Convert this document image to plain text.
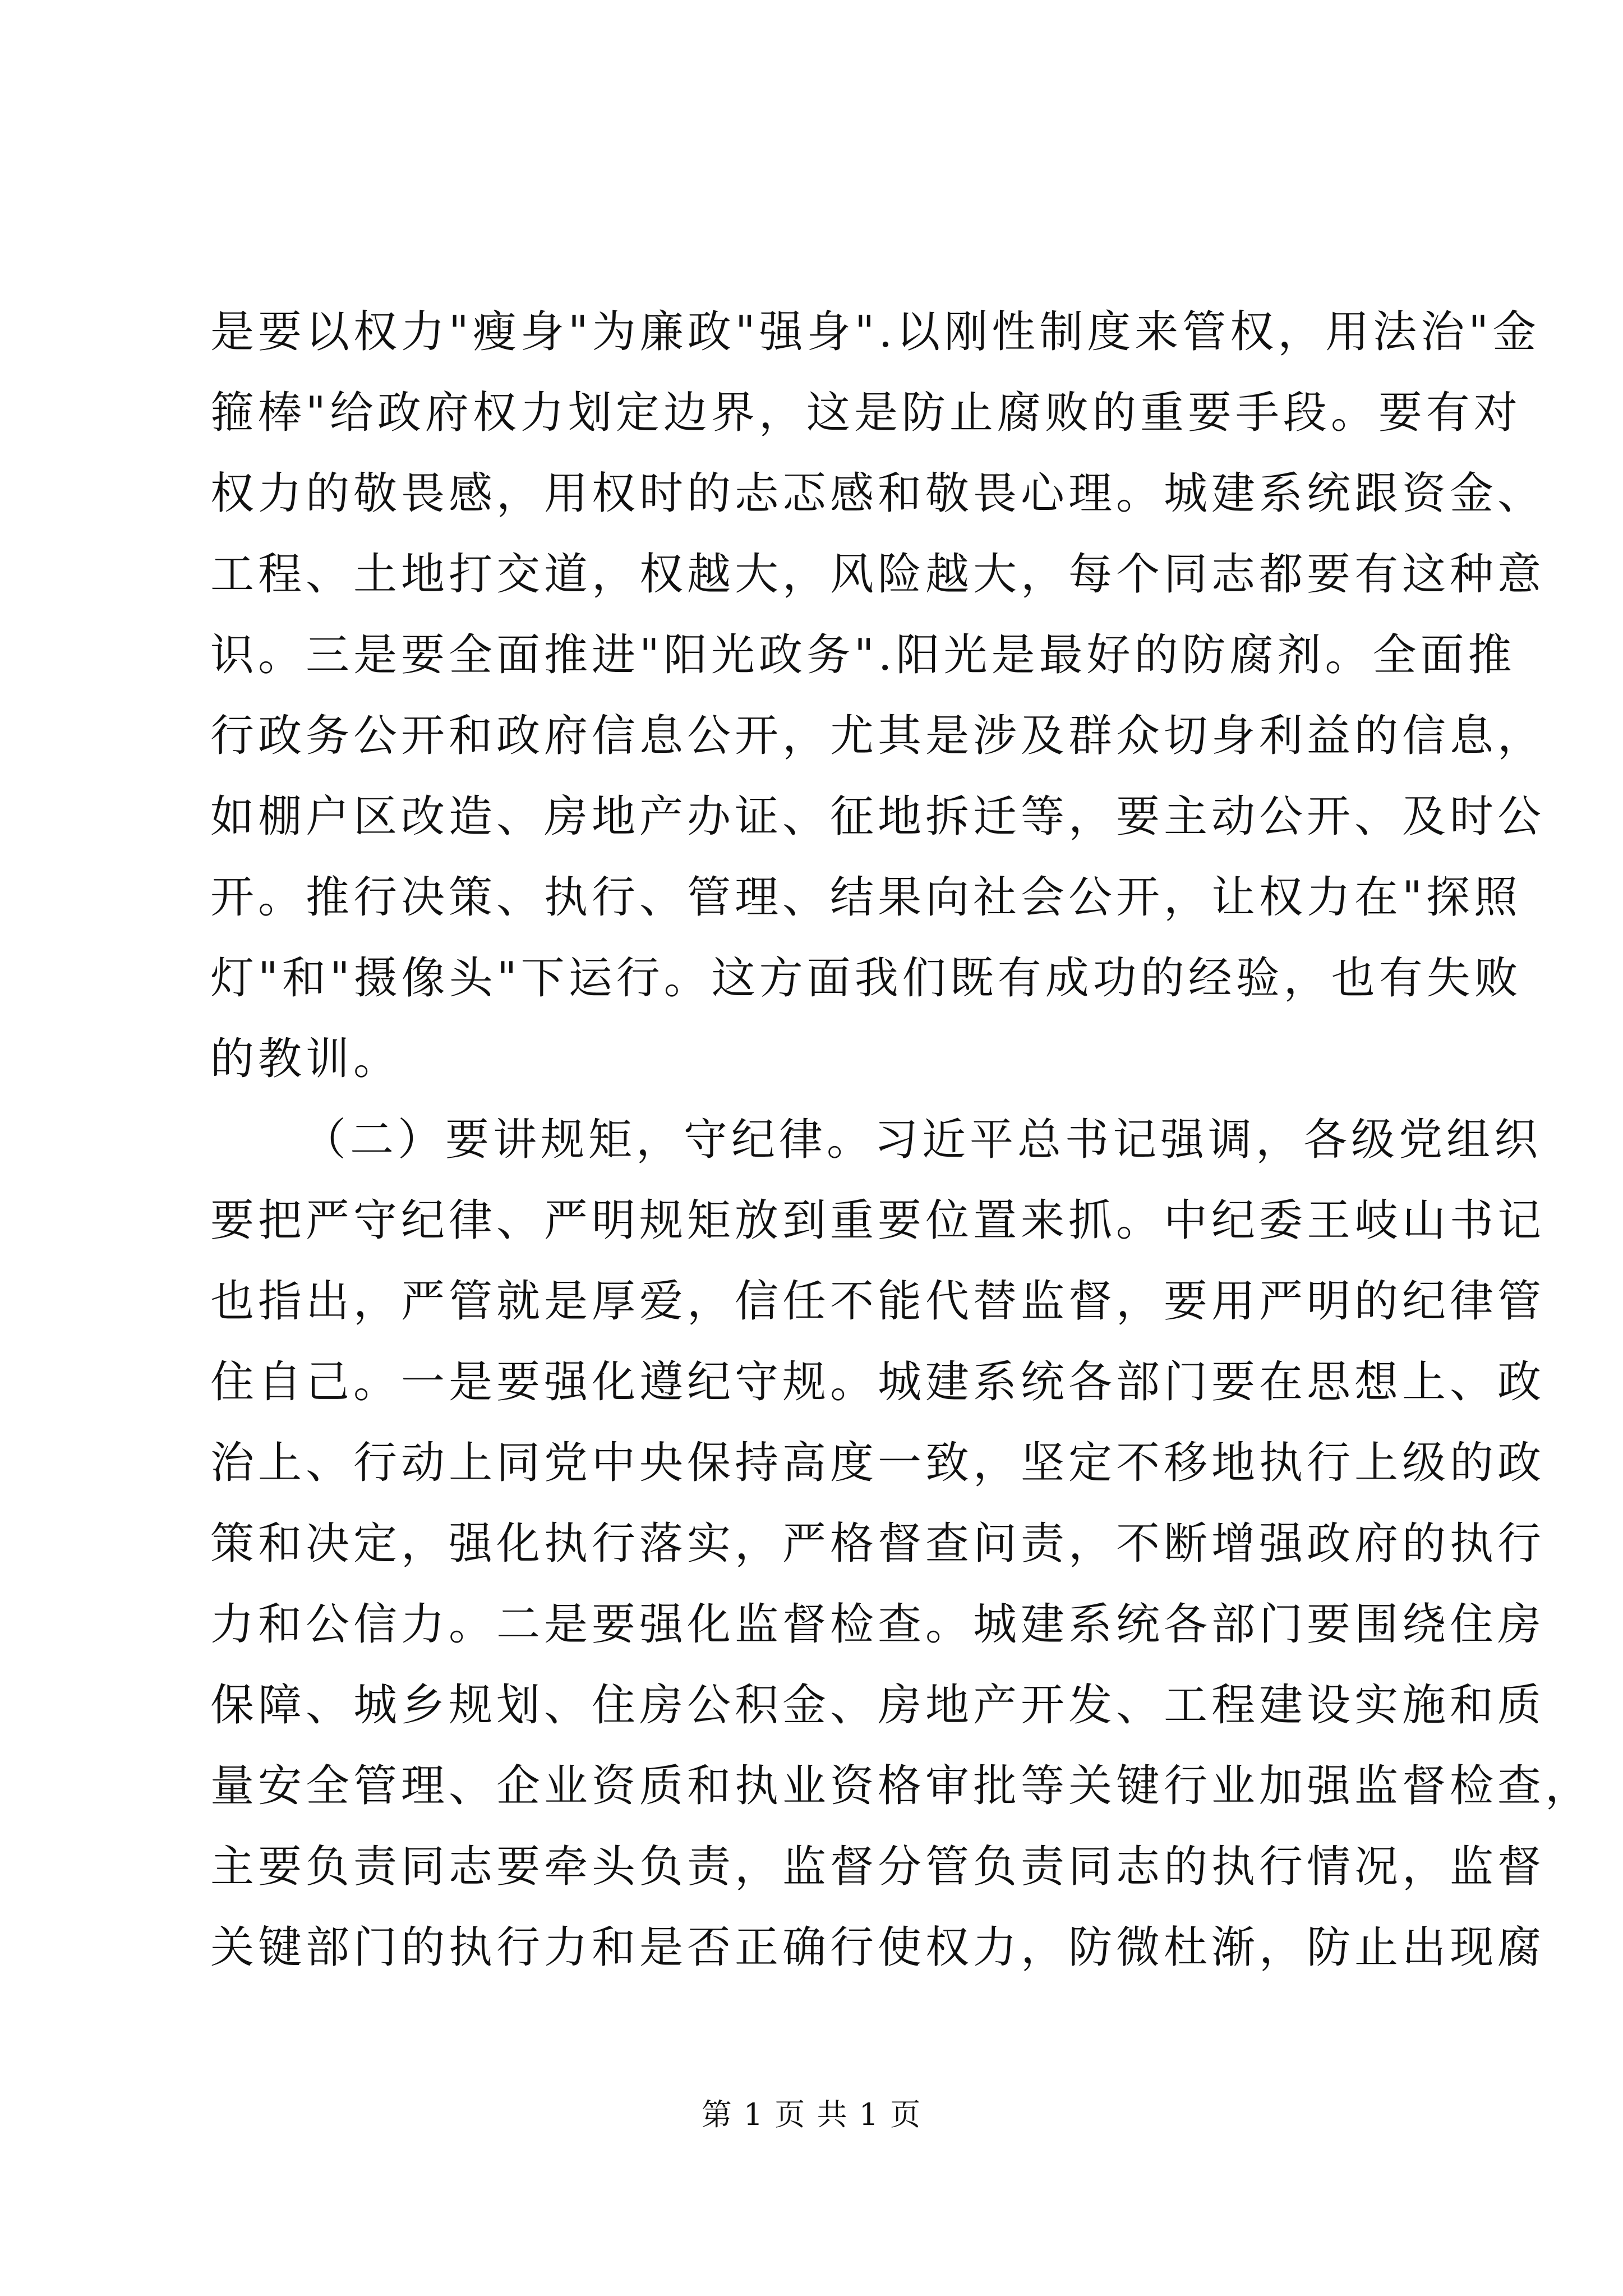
是要以权力"瘦身"为廉政"强身".以刚性制度来管权，用法治"金
箍棒"给政府权力划定边界，这是防止腐败的重要手段。要有对
权力的敬畏感，用权时的忐忑感和敬畏心理。城建系统跟资金、
工程、土地打交道，权越大，风险越大，每个同志都要有这种意
识。三是要全面推进"阳光政务".阳光是最好的防腐剂。全面推
行政务公开和政府信息公开，尤其是涉及群众切身利益的信息，
如棚户区改造、房地产办证、征地拆迁等，要主动公开、及时公
开。推行决策、执行、管理、结果向社会公开，让权力在"探照
灯"和"摄像头"下运行。这方面我们既有成功的经验，也有失败
的教训。
（二）要讲规矩，守纪律。习近平总书记强调，各级党组织
要把严守纪律、严明规矩放到重要位置来抓。中纪委王岐山书记
也指出，严管就是厚爱，信任不能代替监督，要用严明的纪律管
住自己。一是要强化遵纪守规。城建系统各部门要在思想上、政
治上、行动上同党中央保持高度一致，坚定不移地执行上级的政
策和决定，强化执行落实，严格督查问责，不断增强政府的执行
力和公信力。二是要强化监督检查。城建系统各部门要围绕住房
保障、城乡规划、住房公积金、房地产开发、工程建设实施和质
量安全管理、企业资质和执业资格审批等关键行业加强监督检查，
主要负责同志要牵头负责，监督分管负责同志的执行情况，监督
关键部门的执行力和是否正确行使权力，防微杜渐，防止出现腐
第 1 页 共 1 页
